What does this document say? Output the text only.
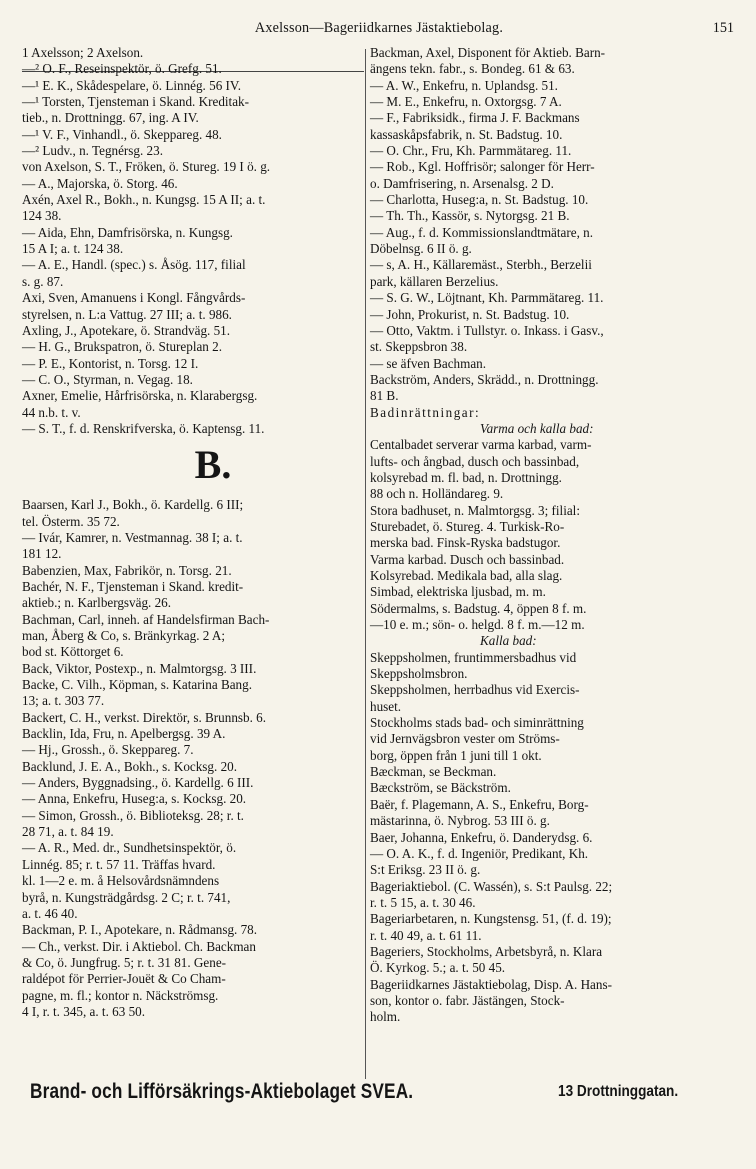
Axelsson—Bageriidkarnes Jästaktiebolag.	151
1 Axelsson; 2 Axelson.
—² O. F., Reseinspektör, ö. Grefg. 51.
—¹ E. K., Skådespelare, ö. Linnég. 56 IV.
—¹ Torsten, Tjensteman i Skand. Kreditak-
tieb., n. Drottningg. 67, ing. A IV.
—¹ V. F., Vinhandl., ö. Skeppareg. 48.
—² Ludv., n. Tegnérsg. 23.
von Axelson, S. T., Fröken, ö. Stureg. 19 I ö. g.
— A., Majorska, ö. Storg. 46.
Axén, Axel R., Bokh., n. Kungsg. 15 A II; a. t.
124 38.
— Aida, Ehn, Damfrisörska, n. Kungsg.
15 A I; a. t. 124 38.
— A. E., Handl. (spec.) s. Åsög. 117, filial
s. g. 87.
Axi, Sven, Amanuens i Kongl. Fångvårds-
styrelsen, n. L:a Vattug. 27 III; a. t. 986.
Axling, J., Apotekare, ö. Strandväg. 51.
— H. G., Brukspatron, ö. Stureplan 2.
— P. E., Kontorist, n. Torsg. 12 I.
— C. O., Styrman, n. Vegag. 18.
Axner, Emelie, Hårfrisörska, n. Klarabergsg.
44 n.b. t. v.
— S. T., f. d. Renskrifverska, ö. Kaptensg. 11.
B.
Baarsen, Karl J., Bokh., ö. Kardellg. 6 III;
tel. Österm. 35 72.
— Ivár, Kamrer, n. Vestmannag. 38 I; a. t.
181 12.
Babenzien, Max, Fabrikör, n. Torsg. 21.
Bachér, N. F., Tjensteman i Skand. kredit-
aktieb.; n. Karlbergsväg. 26.
Bachman, Carl, inneh. af Handelsfirman Bach-
man, Åberg & Co, s. Bränkyrkag. 2 A;
bod st. Köttorget 6.
Back, Viktor, Postexp., n. Malmtorgsg. 3 III.
Backe, C. Vilh., Köpman, s. Katarina Bang.
13; a. t. 303 77.
Backert, C. H., verkst. Direktör, s. Brunnsb. 6.
Backlin, Ida, Fru, n. Apelbergsg. 39 A.
— Hj., Grossh., ö. Skeppareg. 7.
Backlund, J. E. A., Bokh., s. Kocksg. 20.
— Anders, Byggnadsing., ö. Kardellg. 6 III.
— Anna, Enkefru, Huseg:a, s. Kocksg. 20.
— Simon, Grossh., ö. Biblioteksg. 28; r. t.
28 71, a. t. 84 19.
— A. R., Med. dr., Sundhetsinspektör, ö.
Linnég. 85; r. t. 57 11. Träffas hvard.
kl. 1—2 e. m. å Helsovårdsnämndens
byrå, n. Kungsträdgårdsg. 2 C; r. t. 741,
a. t. 46 40.
Backman, P. I., Apotekare, n. Rådmansg. 78.
— Ch., verkst. Dir. i Aktiebol. Ch. Backman
& Co, ö. Jungfrug. 5; r. t. 31 81. Gene-
raldépot för Perrier-Jouët & Co Cham-
pagne, m. fl.; kontor n. Näckströmsg.
4 I, r. t. 345, a. t. 63 50.
Backman, Axel, Disponent för Aktieb. Barn-
ängens tekn. fabr., s. Bondeg. 61 & 63.
— A. W., Enkefru, n. Uplandsg. 51.
— M. E., Enkefru, n. Oxtorgsg. 7 A.
— F., Fabriksidk., firma J. F. Backmans
kassaskåpsfabrik, n. St. Badstug. 10.
— O. Chr., Fru, Kh. Parmmätareg. 11.
— Rob., Kgl. Hoffrisör; salonger för Herr-
o. Damfrisering, n. Arsenalsg. 2 D.
— Charlotta, Huseg:a, n. St. Badstug. 10.
— Th. Th., Kassör, s. Nytorgsg. 21 B.
— Aug., f. d. Kommissionslandtmätare, n.
Döbelnsg. 6 II ö. g.
— s, A. H., Källaremäst., Sterbh., Berzelii
park, källaren Berzelius.
— S. G. W., Löjtnant, Kh. Parmmätareg. 11.
— John, Prokurist, n. St. Badstug. 10.
— Otto, Vaktm. i Tullstyr. o. Inkass. i Gasv.,
st. Skeppsbron 38.
— se äfven Bachman.
Backström, Anders, Skrädd., n. Drottningg.
81 B.
Badinrättningar:
Varma och kalla bad:
Centalbadet serverar varma karbad, varm-
lufts- och ångbad, dusch och bassinbad,
kolsyrebad m. fl. bad, n. Drottningg.
88 och n. Holländareg. 9.
Stora badhuset, n. Malmtorgsg. 3; filial:
Sturebadet, ö. Stureg. 4. Turkisk-Ro-
merska bad. Finsk-Ryska badstugor.
Varma karbad. Dusch och bassinbad.
Kolsyrebad. Medikala bad, alla slag.
Simbad, elektriska ljusbad, m. m.
Södermalms, s. Badstug. 4, öppen 8 f. m.
—10 e. m.; sön- o. helgd. 8 f. m.—12 m.
Kalla bad:
Skeppsholmen, fruntimmersbadhus vid
Skeppsholmsbron.
Skeppsholmen, herrbadhus vid Exercis-
huset.
Stockholms stads bad- och siminrättning
vid Jernvägsbron vester om Ströms-
borg, öppen från 1 juni till 1 okt.
Bæckman, se Beckman.
Bæckström, se Bäckström.
Baër, f. Plagemann, A. S., Enkefru, Borg-
mästarinna, ö. Nybrog. 53 III ö. g.
Baer, Johanna, Enkefru, ö. Danderydsg. 6.
— O. A. K., f. d. Ingeniör, Predikant, Kh.
S:t Eriksg. 23 II ö. g.
Bageriaktiebol. (C. Wassén), s. S:t Paulsg. 22;
r. t. 5 15, a. t. 30 46.
Bageriarbetaren, n. Kungstensg. 51, (f. d. 19);
r. t. 40 49, a. t. 61 11.
Bageriers, Stockholms, Arbetsbyrå, n. Klara
Ö. Kyrkog. 5.; a. t. 50 45.
Bageriidkarnes Jästaktiebolag, Disp. A. Hans-
son, kontor o. fabr. Jästängen, Stock-
holm.
Brand- och Lifförsäkrings-Aktiebolaget SVEA.	13 Drottninggatan.
